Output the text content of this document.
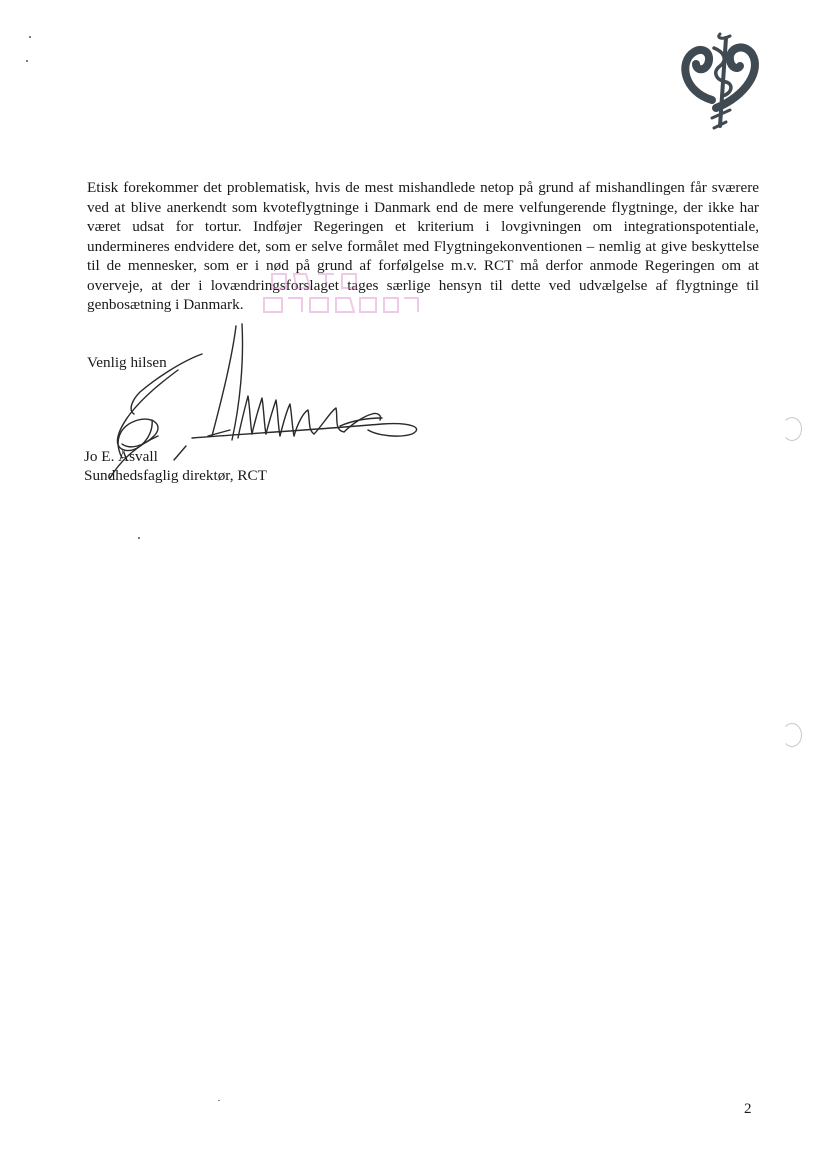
Etisk forekommer det problematisk, hvis de mest mishandlede netop på grund af mishandlingen får sværere ved at blive anerkendt som kvoteflygtninge i Danmark end de mere velfungerende flygtninge, der ikke har været udsat for tortur. Indføjer Regeringen et kriterium i lovgivningen om integrationspotentiale, undermineres endvidere det, som er selve formålet med Flygtningekonventionen – nemlig at give beskyttelse til de mennesker, som er i nød på grund af forfølgelse m.v. RCT må derfor anmode Regeringen om at overveje, at der i lovændringsforslaget tages særlige hensyn til dette ved udvælgelse af flygtninge til genbosætning i Danmark.

Venlig hilsen

Jo E. Åsvall

Sundhedsfaglig direktør, RCT

2
